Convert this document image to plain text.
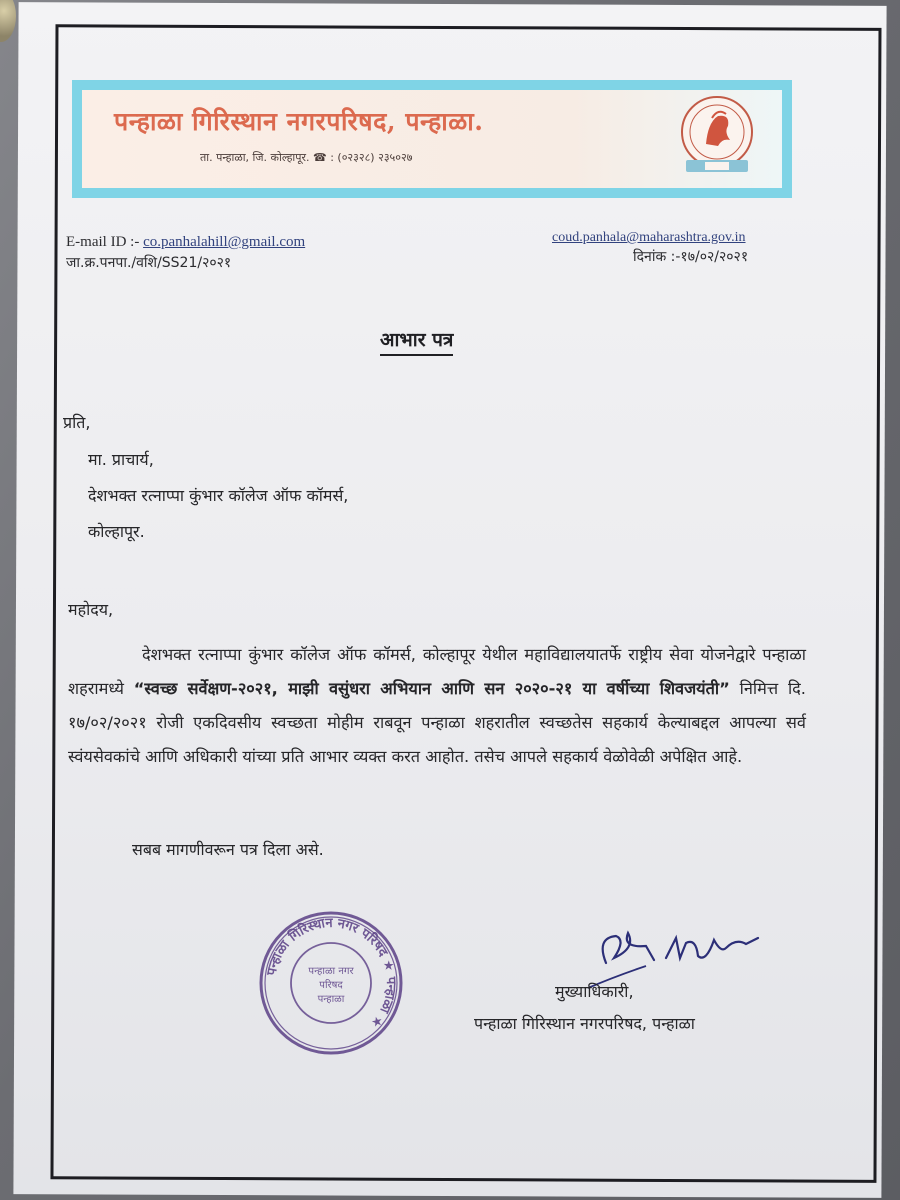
पन्हाळा गिरिस्थान नगरपरिषद, पन्हाळा.
ता. पन्हाळा, जि. कोल्हापूर. ☎ : (०२३२८) २३५०२७
E-mail ID :- co.panhalahill@gmail.com
जा.क्र.पनपा./वशि/SS21/२०२१
coud.panhala@maharashtra.gov.in
दिनांक :-१७/०२/२०२१
आभार पत्र
प्रति,
मा. प्राचार्य,
देशभक्त रत्नाप्पा कुंभार कॉलेज ऑफ कॉमर्स,
कोल्हापूर.
महोदय,
देशभक्त रत्नाप्पा कुंभार कॉलेज ऑफ कॉमर्स, कोल्हापूर येथील महाविद्यालयातर्फे राष्ट्रीय सेवा योजनेद्वारे पन्हाळा शहरामध्ये “स्वच्छ सर्वेक्षण-२०२१, माझी वसुंधरा अभियान आणि सन २०२०-२१ या वर्षीच्या शिवजयंती” निमित्त दि. १७/०२/२०२१ रोजी एकदिवसीय स्वच्छता मोहीम राबवून पन्हाळा शहरातील स्वच्छतेस सहकार्य केल्याबद्दल आपल्या सर्व स्वंयसेवकांचे आणि अधिकारी यांच्या प्रति आभार व्यक्त करत आहोत. तसेच आपले सहकार्य वेळोवेळी अपेक्षित आहे.
सबब मागणीवरून पत्र दिला असे.
पन्हाळा गिरिस्थान नगर परिषद ★ पन्हाळा ★
पन्हाळा नगर
परिषद
पन्हाळा	मुख्याधिकारी,
पन्हाळा गिरिस्थान नगरपरिषद, पन्हाळा
